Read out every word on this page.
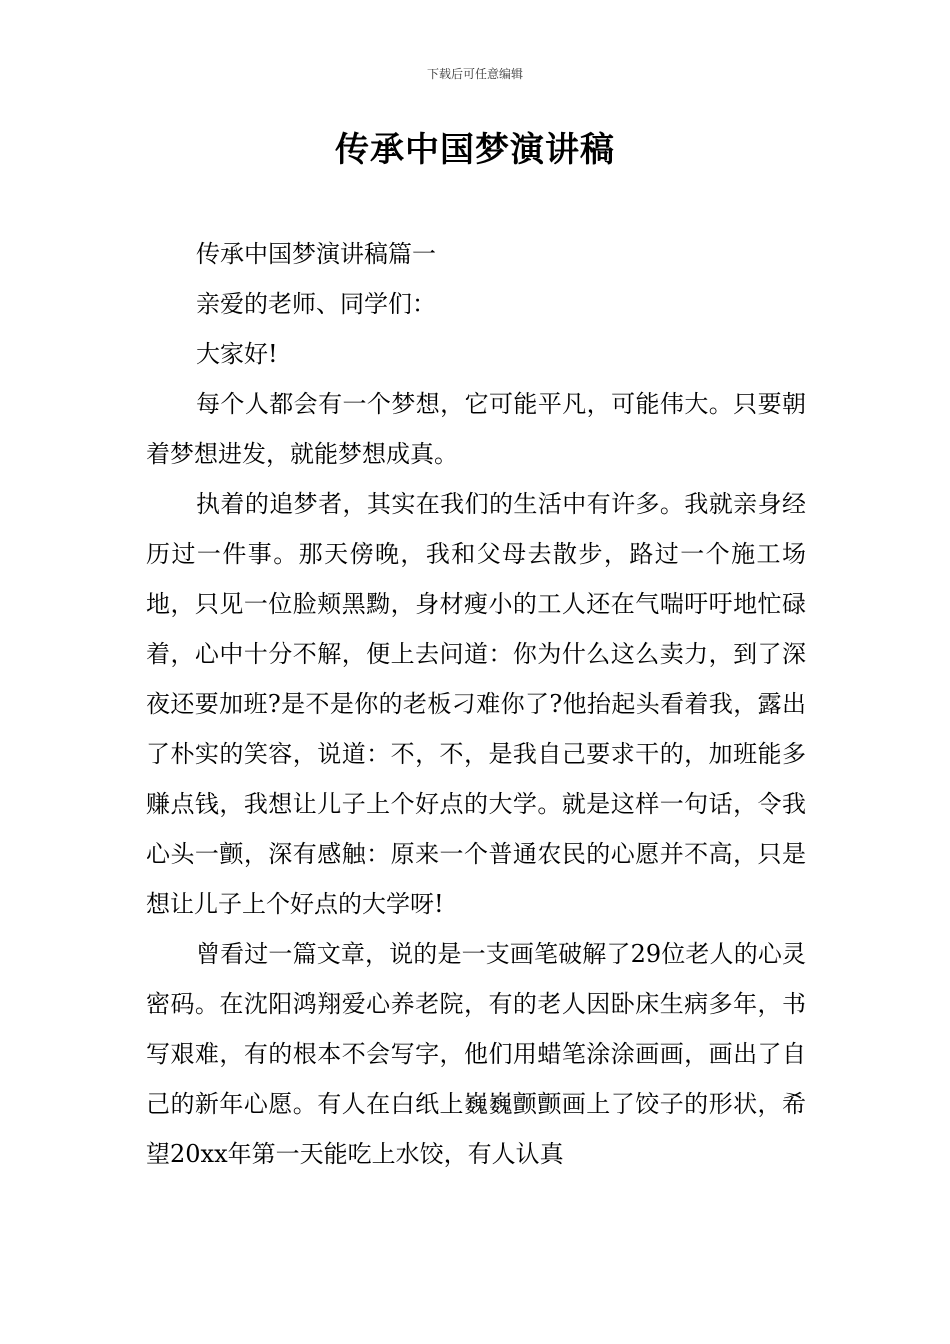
下载后可任意编辑
传承中国梦演讲稿

传承中国梦演讲稿篇一

亲爱的老师、同学们：

大家好!

每个人都会有一个梦想，它可能平凡，可能伟大。只要朝着梦想进发，就能梦想成真。

执着的追梦者，其实在我们的生活中有许多。我就亲身经历过一件事。那天傍晚，我和父母去散步，路过一个施工场地，只见一位脸颊黑黝，身材瘦小的工人还在气喘吁吁地忙碌着，心中十分不解，便上去问道：你为什么这么卖力，到了深夜还要加班?是不是你的老板刁难你了?他抬起头看着我，露出了朴实的笑容，说道：不，不，是我自己要求干的，加班能多赚点钱，我想让儿子上个好点的大学。就是这样一句话，令我心头一颤，深有感触：原来一个普通农民的心愿并不高，只是想让儿子上个好点的大学呀!

曾看过一篇文章，说的是一支画笔破解了29位老人的心灵密码。在沈阳鸿翔爱心养老院，有的老人因卧床生病多年，书写艰难，有的根本不会写字，他们用蜡笔涂涂画画，画出了自己的新年心愿。有人在白纸上巍巍颤颤画上了饺子的形状，希望20xx年第一天能吃上水饺，有人认真
